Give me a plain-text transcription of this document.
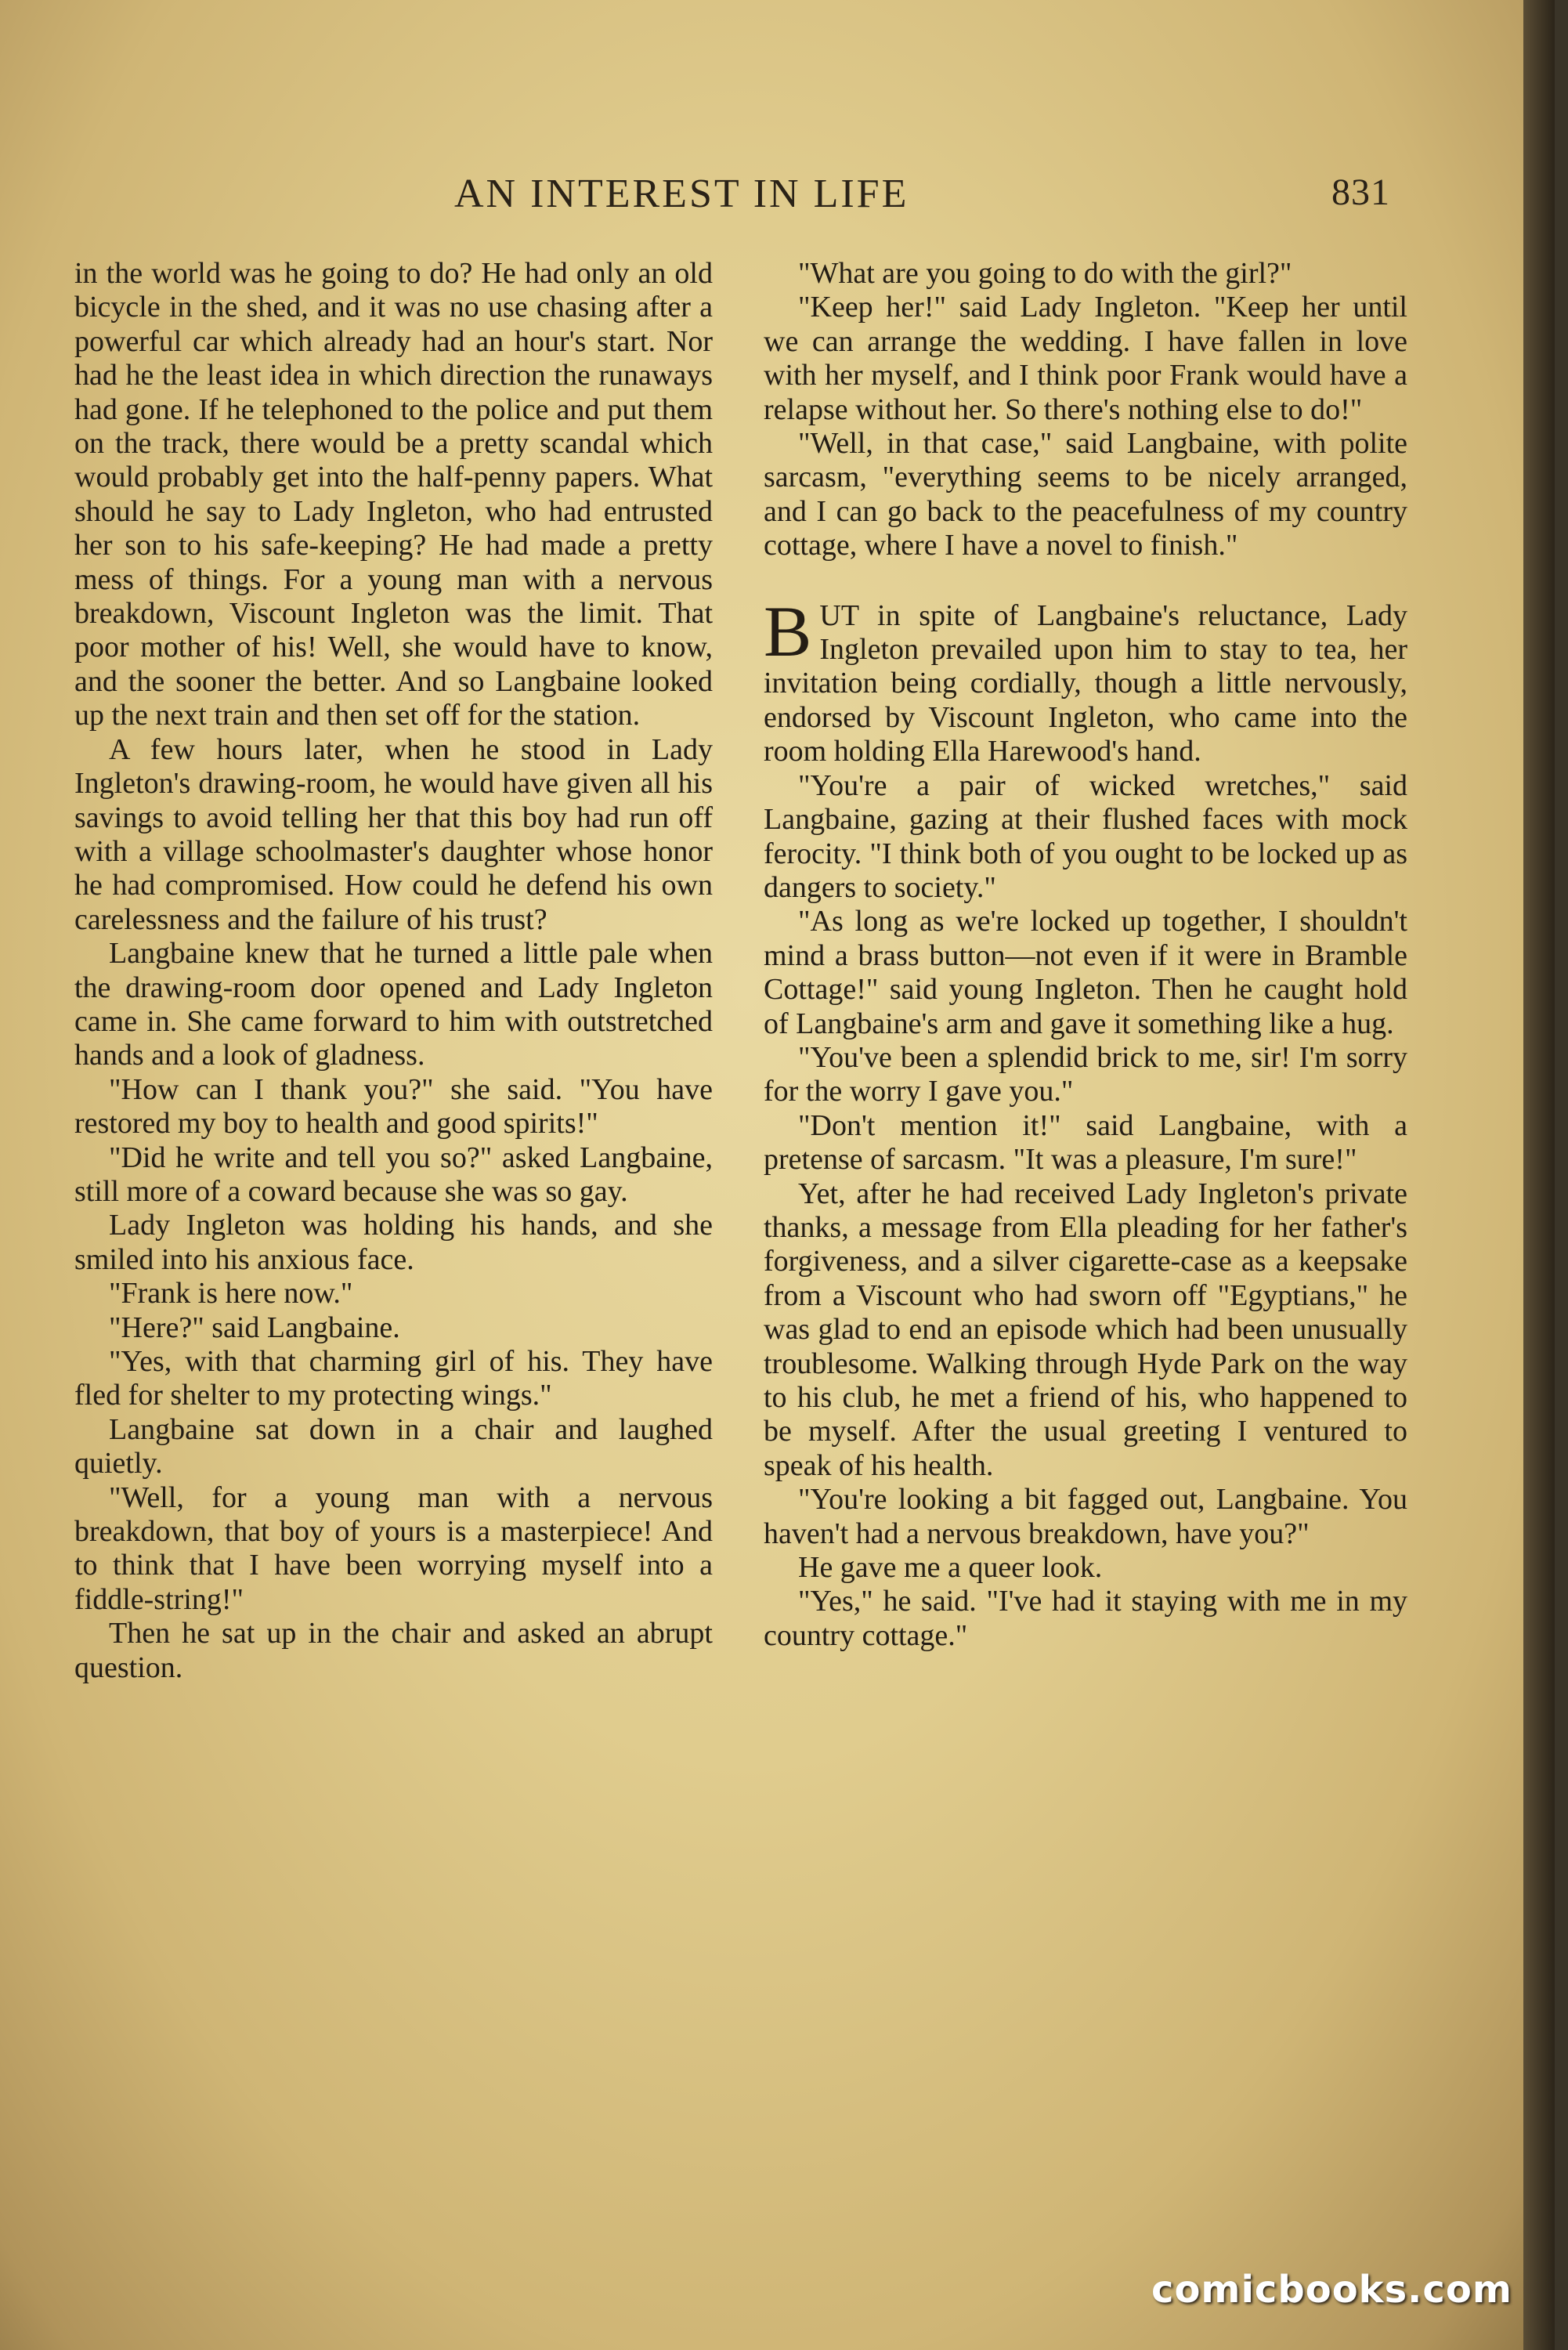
AN INTEREST IN LIFE	831

in the world was he going to do? He had only an old bicycle in the shed, and it was no use chasing after a powerful car which already had an hour's start. Nor had he the least idea in which direction the runaways had gone. If he telephoned to the police and put them on the track, there would be a pretty scandal which would probably get into the half-penny papers. What should he say to Lady Ingleton, who had entrusted her son to his safe-keeping? He had made a pretty mess of things. For a young man with a nervous breakdown, Viscount Ingleton was the limit. That poor mother of his! Well, she would have to know, and the sooner the better. And so Langbaine looked up the next train and then set off for the station.

A few hours later, when he stood in Lady Ingleton's drawing-room, he would have given all his savings to avoid telling her that this boy had run off with a village schoolmaster's daughter whose honor he had compromised. How could he defend his own carelessness and the failure of his trust?

Langbaine knew that he turned a little pale when the drawing-room door opened and Lady Ingleton came in. She came forward to him with outstretched hands and a look of gladness.

"How can I thank you?" she said. "You have restored my boy to health and good spirits!"

"Did he write and tell you so?" asked Langbaine, still more of a coward because she was so gay.

Lady Ingleton was holding his hands, and she smiled into his anxious face.

"Frank is here now."

"Here?" said Langbaine.

"Yes, with that charming girl of his. They have fled for shelter to my protecting wings."

Langbaine sat down in a chair and laughed quietly.

"Well, for a young man with a nervous breakdown, that boy of yours is a masterpiece! And to think that I have been worrying myself into a fiddle-string!"

Then he sat up in the chair and asked an abrupt question.

"What are you going to do with the girl?"

"Keep her!" said Lady Ingleton. "Keep her until we can arrange the wedding. I have fallen in love with her myself, and I think poor Frank would have a relapse without her. So there's nothing else to do!"

"Well, in that case," said Langbaine, with polite sarcasm, "everything seems to be nicely arranged, and I can go back to the peacefulness of my country cottage, where I have a novel to finish."

BUT in spite of Langbaine's reluctance, Lady Ingleton prevailed upon him to stay to tea, her invitation being cordially, though a little nervously, endorsed by Viscount Ingleton, who came into the room holding Ella Harewood's hand.

"You're a pair of wicked wretches," said Langbaine, gazing at their flushed faces with mock ferocity. "I think both of you ought to be locked up as dangers to society."

"As long as we're locked up together, I shouldn't mind a brass button—not even if it were in Bramble Cottage!" said young Ingleton. Then he caught hold of Langbaine's arm and gave it something like a hug.

"You've been a splendid brick to me, sir! I'm sorry for the worry I gave you."

"Don't mention it!" said Langbaine, with a pretense of sarcasm. "It was a pleasure, I'm sure!"

Yet, after he had received Lady Ingleton's private thanks, a message from Ella pleading for her father's forgiveness, and a silver cigarette-case as a keepsake from a Viscount who had sworn off "Egyptians," he was glad to end an episode which had been unusually troublesome. Walking through Hyde Park on the way to his club, he met a friend of his, who happened to be myself. After the usual greeting I ventured to speak of his health.

"You're looking a bit fagged out, Langbaine. You haven't had a nervous breakdown, have you?"

He gave me a queer look.

"Yes," he said. "I've had it staying with me in my country cottage."

comicbooks.com
